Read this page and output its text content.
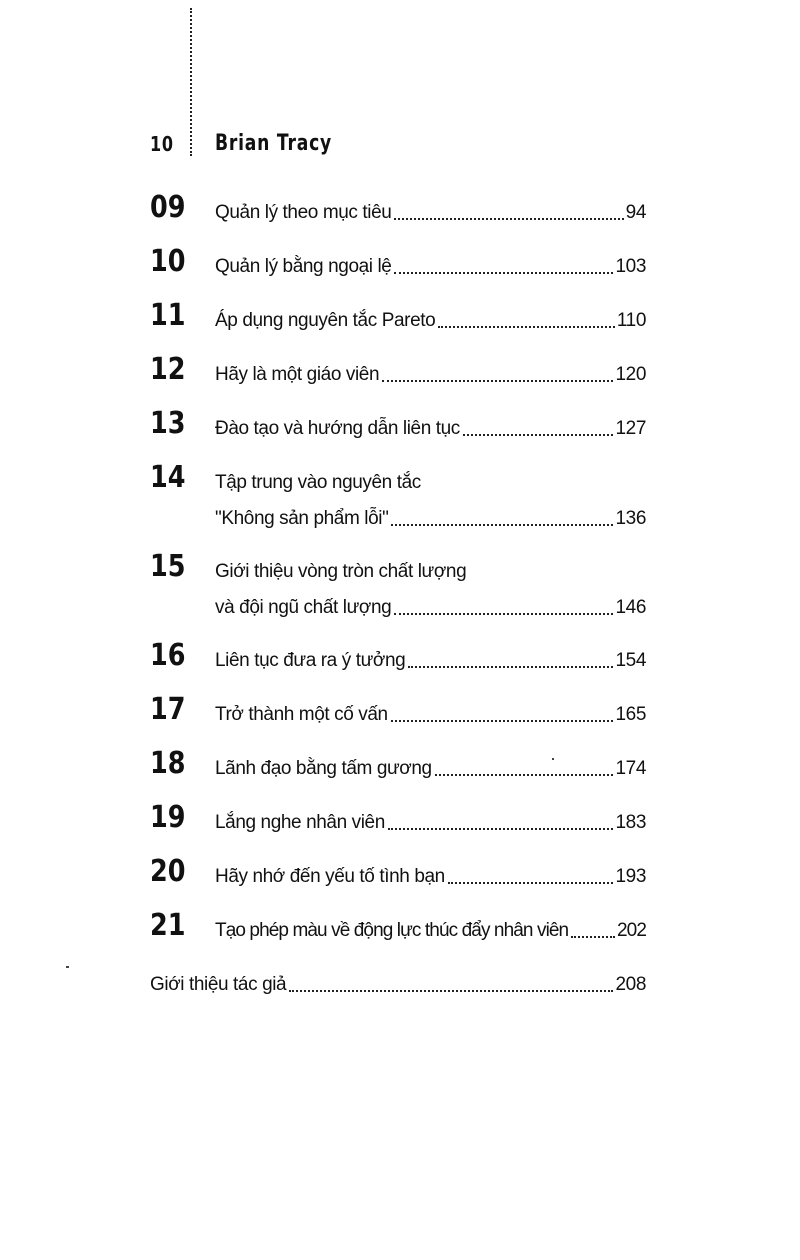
10 Brian Tracy
09 Quản lý theo mục tiêu	94
10 Quản lý bằng ngoại lệ	103
11 Áp dụng nguyên tắc Pareto	110
12 Hãy là một giáo viên	120
13 Đào tạo và hướng dẫn liên tục	127
14 Tập trung vào nguyên tắc
"Không sản phẩm lỗi"	136
15 Giới thiệu vòng tròn chất lượng
và đội ngũ chất lượng	146
16 Liên tục đưa ra ý tưởng	154
17 Trở thành một cố vấn	165
18 Lãnh đạo bằng tấm gương	174
19 Lắng nghe nhân viên	183
20 Hãy nhớ đến yếu tố tình bạn	193
21 Tạo phép màu về động lực thúc đẩy nhân viên	202
Giới thiệu tác giả	208
